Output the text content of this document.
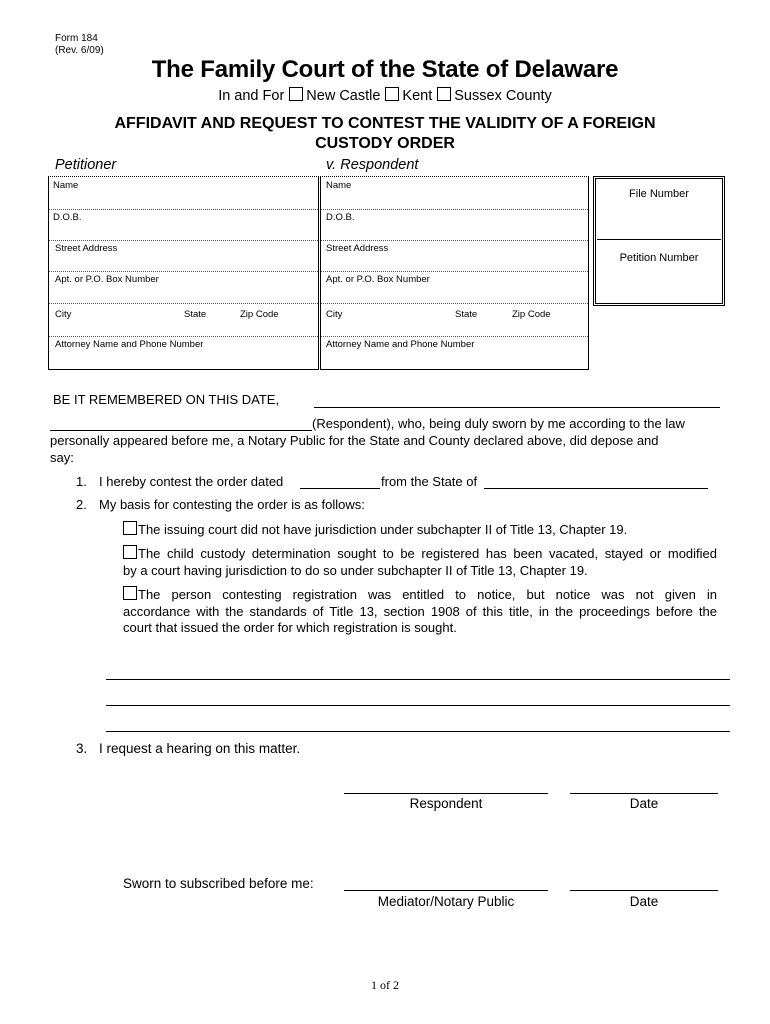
Form 184
(Rev. 6/09)
The Family Court of the State of Delaware
In and For New Castle Kent Sussex County
AFFIDAVIT AND REQUEST TO CONTEST THE VALIDITY OF A FOREIGN
CUSTODY ORDER
Petitioner
Name
D.O.B.
Street Address
Apt. or P.O. Box Number
City	State	Zip Code
Attorney Name and Phone Number
v. Respondent
Name
D.O.B.
Street Address
Apt. or P.O. Box Number
City	State	Zip Code
Attorney Name and Phone Number
File Number
Petition Number
BE IT REMEMBERED ON THIS DATE,
(Respondent), who, being duly sworn by me according to the law
personally appeared before me, a Notary Public for the State and County declared above, did depose and
say:
1. I hereby contest the order dated	from the State of
2. My basis for contesting the order is as follows:
The issuing court did not have jurisdiction under subchapter II of Title 13, Chapter 19.
The child custody determination sought to be registered has been vacated, stayed or modified
by a court having jurisdiction to do so under subchapter II of Title 13, Chapter 19.
The person contesting registration was entitled to notice, but notice was not given in
accordance with the standards of Title 13, section 1908 of this title, in the proceedings before the
court that issued the order for which registration is sought.
3. I request a hearing on this matter.
Respondent	Date
Sworn to subscribed before me:
Mediator/Notary Public	Date
1 of 2
